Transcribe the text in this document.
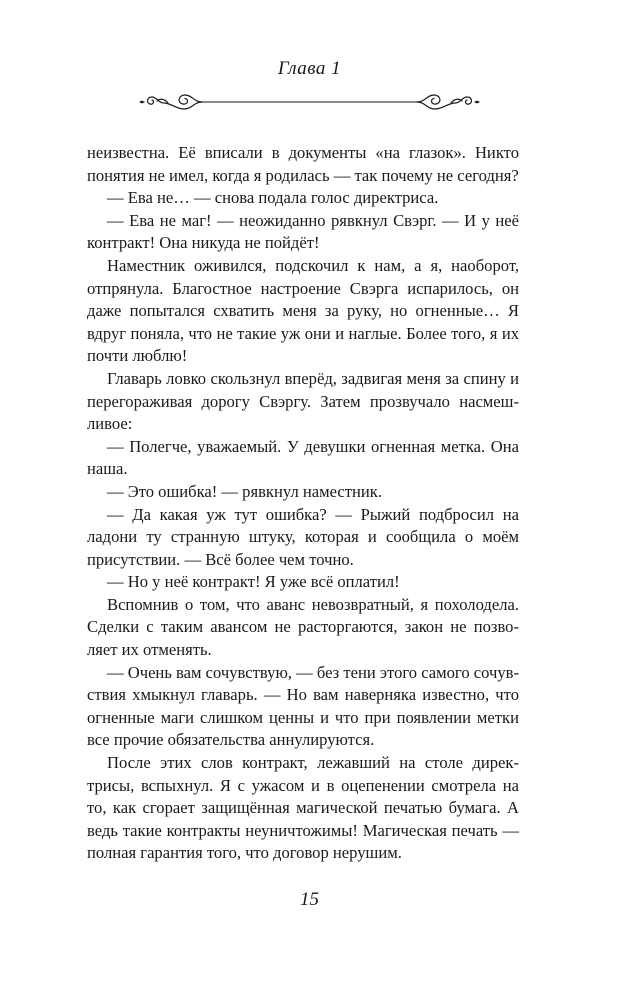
Глава 1

неизвестна. Её вписали в документы «на глазок». Никто понятия не имел, когда я родилась — так почему не сегодня?

— Ева не… — снова подала голос директриса.

— Ева не маг! — неожиданно рявкнул Свэрг. — И у неё контракт! Она никуда не пойдёт!

Наместник оживился, подскочил к нам, а я, наоборот, отпрянула. Благостное настроение Свэрга испарилось, он даже попытался схватить меня за руку, но огненные… Я вдруг поняла, что не такие уж они и наглые. Более того, я их почти люблю!

Главарь ловко скользнул вперёд, задвигая меня за спину и перегораживая дорогу Свэргу. Затем прозвучало насмешливое:

— Полегче, уважаемый. У девушки огненная метка. Она наша.

— Это ошибка! — рявкнул наместник.

— Да какая уж тут ошибка? — Рыжий подбросил на ладони ту странную штуку, которая и сообщила о моём присутствии. — Всё более чем точно.

— Но у неё контракт! Я уже всё оплатил!

Вспомнив о том, что аванс невозвратный, я похолодела. Сделки с таким авансом не расторгаются, закон не позволяет их отменять.

— Очень вам сочувствую, — без тени этого самого сочувствия хмыкнул главарь. — Но вам наверняка известно, что огненные маги слишком ценны и что при появлении метки все прочие обязательства аннулируются.

После этих слов контракт, лежавший на столе директрисы, вспыхнул. Я с ужасом и в оцепенении смотрела на то, как сгорает защищённая магической печатью бумага. А ведь такие контракты неуничтожимы! Магическая печать — полная гарантия того, что договор нерушим.

15
